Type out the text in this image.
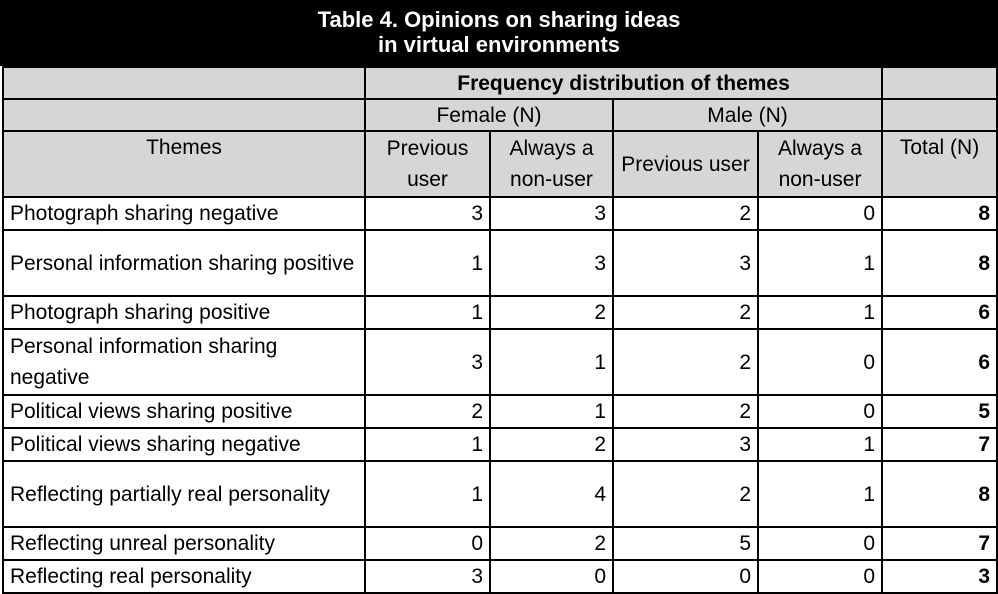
Table 4. Opinions on sharing ideas
in virtual environments
	Frequency distribution of themes				
	Female (N)		Male (N)		
Themes	Previous user	Always a non-user	Previous user	Always a non-user	Total (N)
Photograph sharing negative	3	3	2	0	8
Personal information sharing positive	1	3	3	1	8
Photograph sharing positive	1	2	2	1	6
Personal information sharing negative	3	1	2	0	6
Political views sharing positive	2	1	2	0	5
Political views sharing negative	1	2	3	1	7
Reflecting partially real personality	1	4	2	1	8
Reflecting unreal personality	0	2	5	0	7
Reflecting real personality	3	0	0	0	3
